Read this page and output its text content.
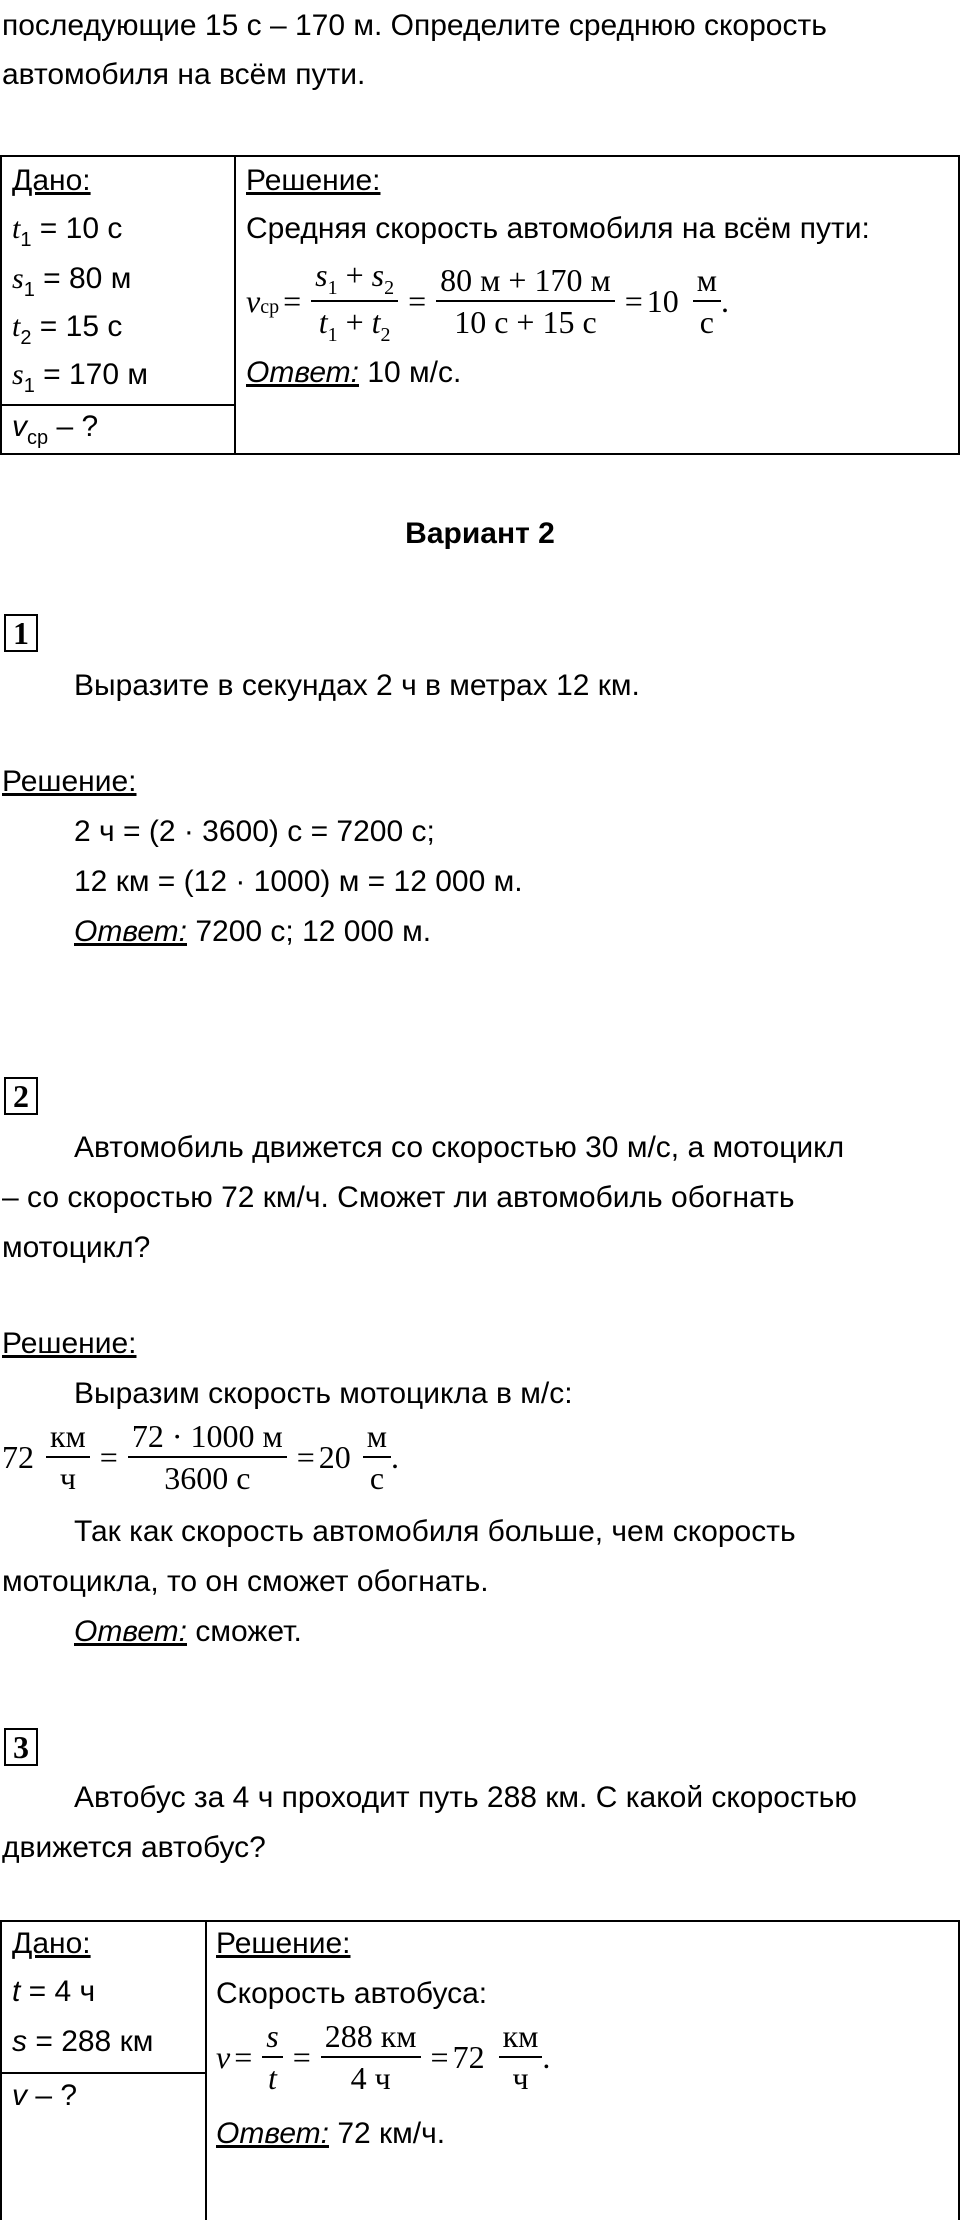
последующие 15 с – 170 м. Определите среднюю скорость
автомобиля на всём пути.
Дано:
$t_1 = 10$ с
$s_1 = 80$ м
$t_2 = 15$ с
$s_1 = 170$ м
$v_{ср}$ – ?
Решение:
Средняя скорость автомобиля на всём пути:
v ср = $\frac{s_1 + s_2}{t_1 + t_2} = \frac{80 м + 170 м}{10 с + 15 с} = 10 \frac{м}{с}$ .
Ответ: 10 м/с.
Вариант 2
1
Выразите в секундах 2 ч в метрах 12 км.
Решение:
2 ч = (2 · 3600) с = 7200 с;
12 км = (12 · 1000) м = 12 000 м.
Ответ: 7200 с; 12 000 м.
2
Автомобиль движется со скоростью 30 м/с, а мотоцикл
– со скоростью 72 км/ч. Сможет ли автомобиль обогнать
мотоцикл?
Решение:
Выразим скорость мотоцикла в м/с:
$72 \frac{км}{ч} = \frac{72 \cdot 1000 м}{3600 с} = 20 \frac{м}{с}$ .
Так как скорость автомобиля больше, чем скорость
мотоцикла, то он сможет обогнать.
Ответ: сможет.
3
Автобус за 4 ч проходит путь 288 км. С какой скоростью
движется автобус?
Дано:
t = 4 ч
s = 288 км
v – ?
Решение:
Скорость автобуса:
$v = \frac{s}{t} = \frac{288 км}{4 ч} = 72 \frac{км}{ч}$ .
Ответ: 72 км/ч.
